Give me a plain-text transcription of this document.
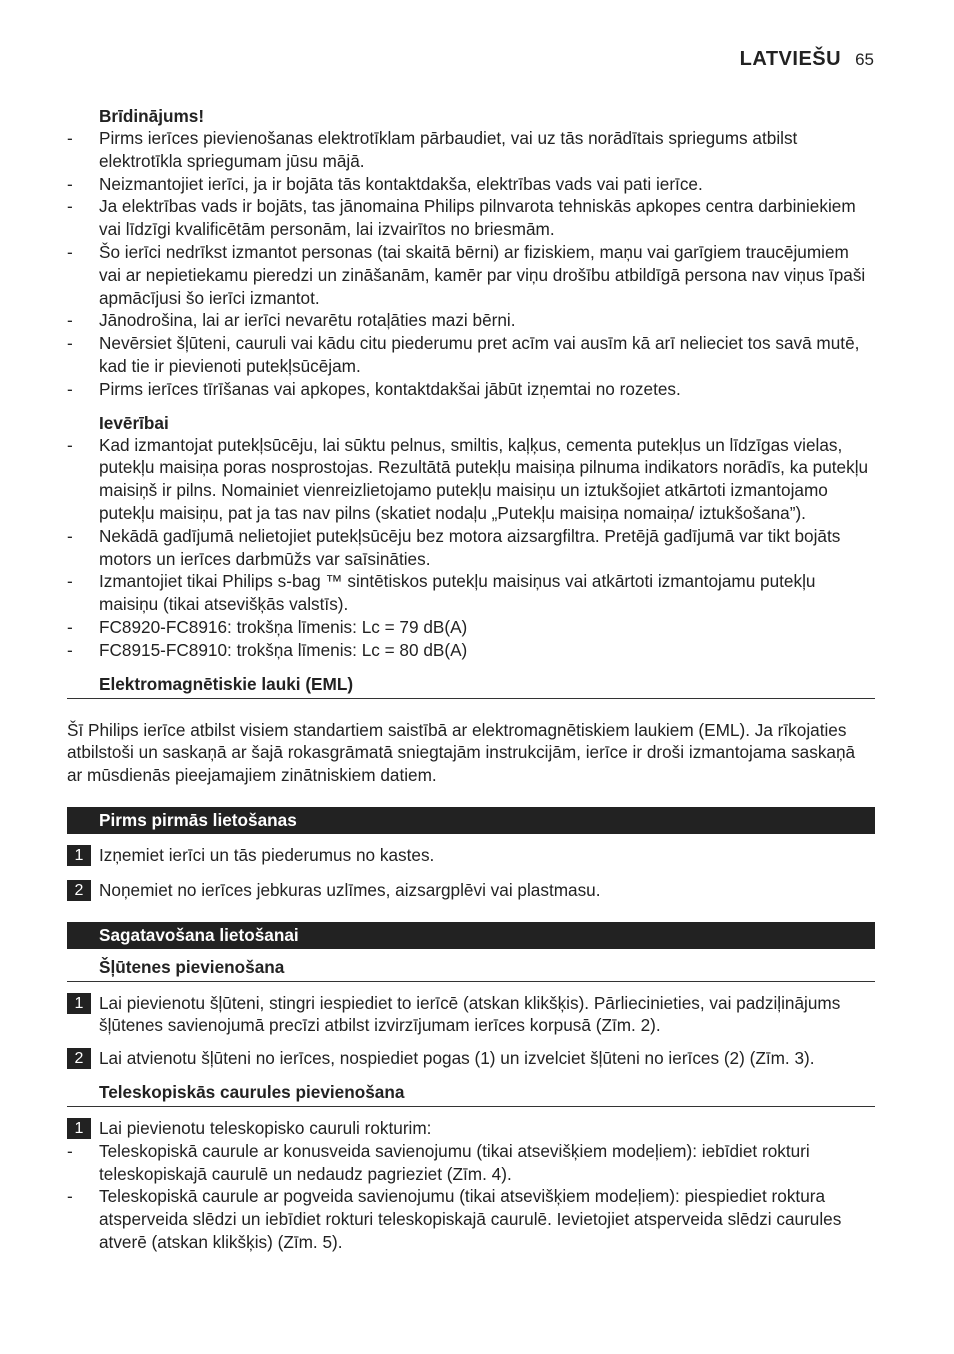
LATVIEŠU 65
Brīdinājums!
-	Pirms ierīces pievienošanas elektrotīklam pārbaudiet, vai uz tās norādītais spriegums atbilst elektrotīkla spriegumam jūsu mājā.
-	Neizmantojiet ierīci, ja ir bojāta tās kontaktdakša, elektrības vads vai pati ierīce.
-	Ja elektrības vads ir bojāts, tas jānomaina Philips pilnvarota tehniskās apkopes centra darbiniekiem vai līdzīgi kvalificētām personām, lai izvairītos no briesmām.
-	Šo ierīci nedrīkst izmantot personas (tai skaitā bērni) ar fiziskiem, maņu vai garīgiem traucējumiem vai ar nepietiekamu pieredzi un zināšanām, kamēr par viņu drošību atbildīgā persona nav viņus īpaši apmācījusi šo ierīci izmantot.
-	Jānodrošina, lai ar ierīci nevarētu rotaļāties mazi bērni.
-	Nevērsiet šļūteni, cauruli vai kādu citu piederumu pret acīm vai ausīm kā arī nelieciet tos savā mutē, kad tie ir pievienoti putekļsūcējam.
-	Pirms ierīces tīrīšanas vai apkopes, kontaktdakšai jābūt izņemtai no rozetes.
Ievērībai
-	Kad izmantojat putekļsūcēju, lai sūktu pelnus, smiltis, kaļķus, cementa putekļus un līdzīgas vielas, putekļu maisiņa poras nosprostojas. Rezultātā putekļu maisiņa pilnuma indikators norādīs, ka putekļu maisiņš ir pilns. Nomainiet vienreizlietojamo putekļu maisiņu un iztukšojiet atkārtoti izmantojamo putekļu maisiņu, pat ja tas nav pilns (skatiet nodaļu „Putekļu maisiņa nomaiņa/ iztukšošana”).
-	Nekādā gadījumā nelietojiet putekļsūcēju bez motora aizsargfiltra. Pretējā gadījumā var tikt bojāts motors un ierīces darbmūžs var saīsināties.
-	Izmantojiet tikai Philips s-bag ™ sintētiskos putekļu maisiņus vai atkārtoti izmantojamu putekļu maisiņu (tikai atsevišķās valstīs).
-	FC8920-FC8916: trokšņa līmenis: Lc = 79 dB(A)
-	FC8915-FC8910: trokšņa līmenis: Lc = 80 dB(A)
Elektromagnētiskie lauki (EML)
Šī Philips ierīce atbilst visiem standartiem saistībā ar elektromagnētiskiem laukiem (EML). Ja rīkojaties atbilstoši un saskaņā ar šajā rokasgrāmatā sniegtajām instrukcijām, ierīce ir droši izmantojama saskaņā ar mūsdienās pieejamajiem zinātniskiem datiem.
Pirms pirmās lietošanas
1 Izņemiet ierīci un tās piederumus no kastes.
2 Noņemiet no ierīces jebkuras uzlīmes, aizsargplēvi vai plastmasu.
Sagatavošana lietošanai
Šļūtenes pievienošana
1 Lai pievienotu šļūteni, stingri iespiediet to ierīcē (atskan klikšķis). Pārliecinieties, vai padziļinājums šļūtenes savienojumā precīzi atbilst izvirzījumam ierīces korpusā (Zīm. 2).
2 Lai atvienotu šļūteni no ierīces, nospiediet pogas (1) un izvelciet šļūteni no ierīces (2) (Zīm. 3).
Teleskopiskās caurules pievienošana
1 Lai pievienotu teleskopisko cauruli rokturim:
-	Teleskopiskā caurule ar konusveida savienojumu (tikai atsevišķiem modeļiem): iebīdiet rokturi teleskopiskajā caurulē un nedaudz pagrieziet (Zīm. 4).
-	Teleskopiskā caurule ar pogveida savienojumu (tikai atsevišķiem modeļiem): piespiediet roktura atsperveida slēdzi un iebīdiet rokturi teleskopiskajā caurulē. Ievietojiet atsperveida slēdzi caurules atverē (atskan klikšķis) (Zīm. 5).
